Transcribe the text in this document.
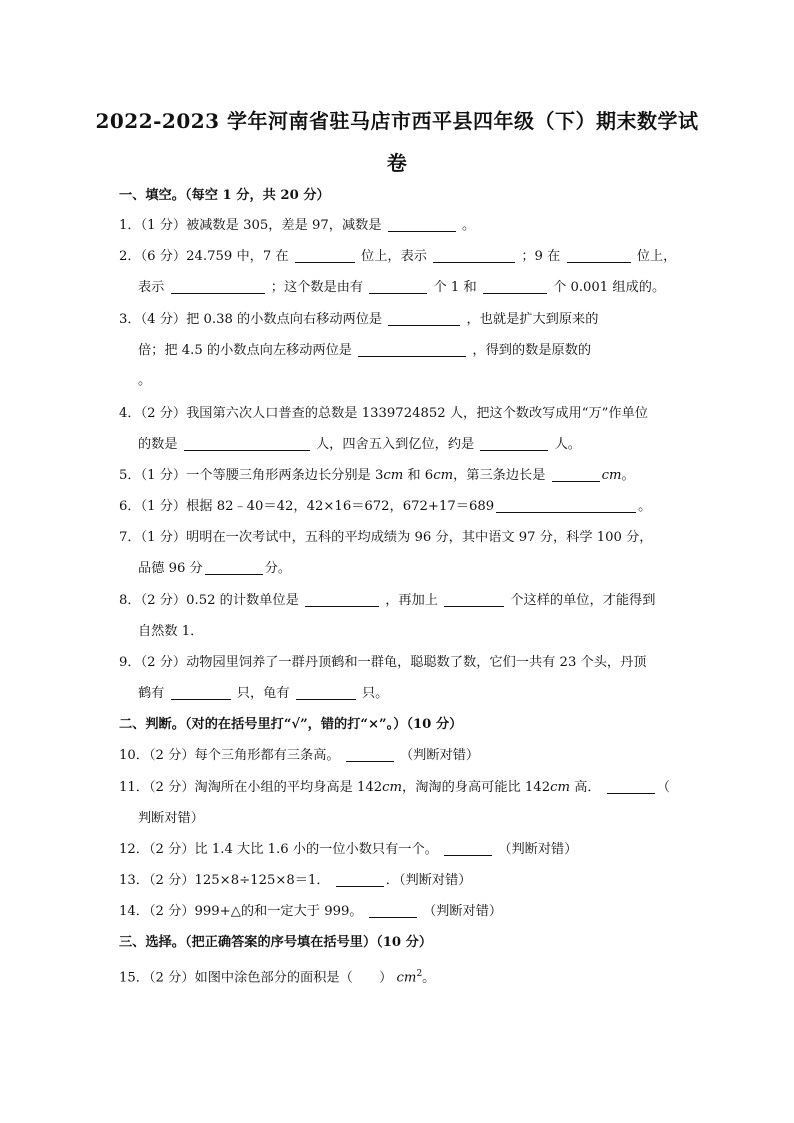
2022-2023 学年河南省驻马店市西平县四年级（下）期末数学试
卷
一、填空。（每空 1 分，共 20 分）
1．（1 分）被减数是 305，差是 97，减数是	。
2．（6 分）24.759 中，7 在	位上，表示	；9 在	位上，
表示	；这个数是由有	个 1 和	个 0.001 组成的。
3．（4 分）把 0.38 的小数点向右移动两位是	，也就是扩大到原来的
倍；把 4.5 的小数点向左移动两位是	，得到的数是原数的
。
4．（2 分）我国第六次人口普查的总数是 1339724852 人，把这个数改写成用“万”作单位
的数是	人，四舍五入到亿位，约是	人。
5．（1 分）一个等腰三角形两条边长分别是 3cm 和 6cm，第三条边长是	cm。
6．（1 分）根据 82﹣40＝42，42×16＝672，672+17＝689	。
7．（1 分）明明在一次考试中，五科的平均成绩为 96 分，其中语文 97 分，科学 100 分，
品德 96 分	分。
8．（2 分）0.52 的计数单位是	，再加上	个这样的单位，才能得到
自然数 1．
9．（2 分）动物园里饲养了一群丹顶鹤和一群龟，聪聪数了数，它们一共有 23 个头，丹顶
鹤有	只，龟有	只。
二、判断。（对的在括号里打“√”，错的打“×”。）（10 分）
10．（2 分）每个三角形都有三条高。	（判断对错）
11．（2 分）淘淘所在小组的平均身高是 142cm，淘淘的身高可能比 142cm 高．	（
判断对错）
12．（2 分）比 1.4 大比 1.6 小的一位小数只有一个。	（判断对错）
13．（2 分）125×8÷125×8＝1．	．（判断对错）
14．（2 分）999+△的和一定大于 999。	（判断对错）
三、选择。（把正确答案的序号填在括号里）（10 分）
15．（2 分）如图中涂色部分的面积是（　　） $cm^2$。
